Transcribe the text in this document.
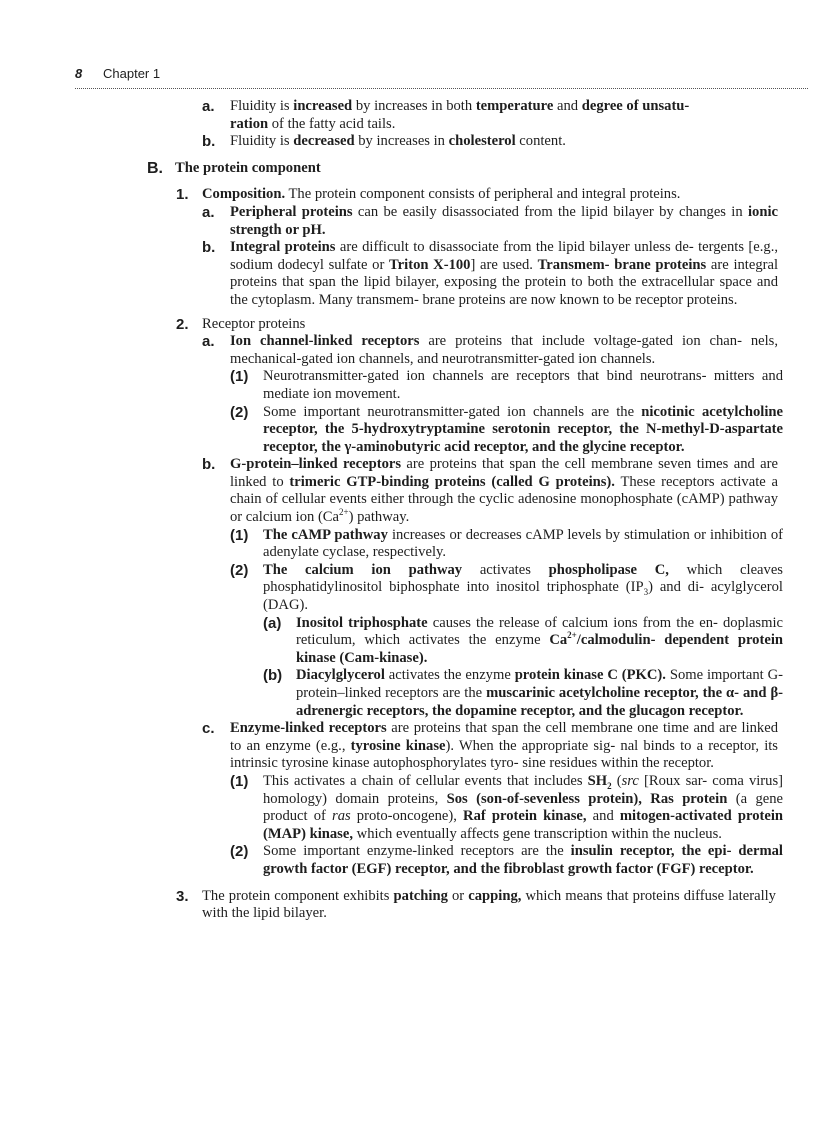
8 Chapter 1
a. Fluidity is increased by increases in both temperature and degree of unsatu-
ration of the fatty acid tails.
b. Fluidity is decreased by increases in cholesterol content.
B. The protein component
1. Composition. The protein component consists of peripheral and integral proteins.
a. Peripheral proteins can be easily disassociated from the lipid bilayer by changes in ionic strength or pH.
b. Integral proteins are difficult to disassociate from the lipid bilayer unless de- tergents [e.g., sodium dodecyl sulfate or Triton X-100] are used. Transmem- brane proteins are integral proteins that span the lipid bilayer, exposing the protein to both the extracellular space and the cytoplasm. Many transmem- brane proteins are now known to be receptor proteins.
2. Receptor proteins
a. Ion channel-linked receptors are proteins that include voltage-gated ion chan- nels, mechanical-gated ion channels, and neurotransmitter-gated ion channels.
(1) Neurotransmitter-gated ion channels are receptors that bind neurotrans- mitters and mediate ion movement.
(2) Some important neurotransmitter-gated ion channels are the nicotinic acetylcholine receptor, the 5-hydroxytryptamine serotonin receptor, the N-methyl-D-aspartate receptor, the γ-aminobutyric acid receptor, and the glycine receptor.
b. G-protein–linked receptors are proteins that span the cell membrane seven times and are linked to trimeric GTP-binding proteins (called G proteins). These receptors activate a chain of cellular events either through the cyclic adenosine monophosphate (cAMP) pathway or calcium ion $(Ca^{2+})$ pathway.
(1) The cAMP pathway increases or decreases cAMP levels by stimulation or inhibition of adenylate cyclase, respectively.
(2) The calcium ion pathway activates phospholipase C, which cleaves phosphatidylinositol biphosphate into inositol triphosphate $(IP_3)$ and di- acylglycerol (DAG).
(a) Inositol triphosphate causes the release of calcium ions from the en- doplasmic reticulum, which activates the enzyme $Ca^{2+}/calmodulin-$ dependent protein kinase (Cam-kinase).
(b) Diacylglycerol activates the enzyme protein kinase C (PKC). Some important G-protein–linked receptors are the muscarinic acetylcholine receptor, the α- and β-adrenergic receptors, the dopamine receptor, and the glucagon receptor.
c. Enzyme-linked receptors are proteins that span the cell membrane one time and are linked to an enzyme (e.g., tyrosine kinase). When the appropriate sig- nal binds to a receptor, its intrinsic tyrosine kinase autophosphorylates tyro- sine residues within the receptor.
(1) This activates a chain of cellular events that includes $SH_2$ (src [Roux sar- coma virus] homology) domain proteins, Sos (son-of-sevenless protein), Ras protein (a gene product of ras proto-oncogene), Raf protein kinase, and mitogen-activated protein (MAP) kinase, which eventually affects gene transcription within the nucleus.
(2) Some important enzyme-linked receptors are the insulin receptor, the epi- dermal growth factor (EGF) receptor, and the fibroblast growth factor (FGF) receptor.
3. The protein component exhibits patching or capping, which means that proteins diffuse laterally with the lipid bilayer.
